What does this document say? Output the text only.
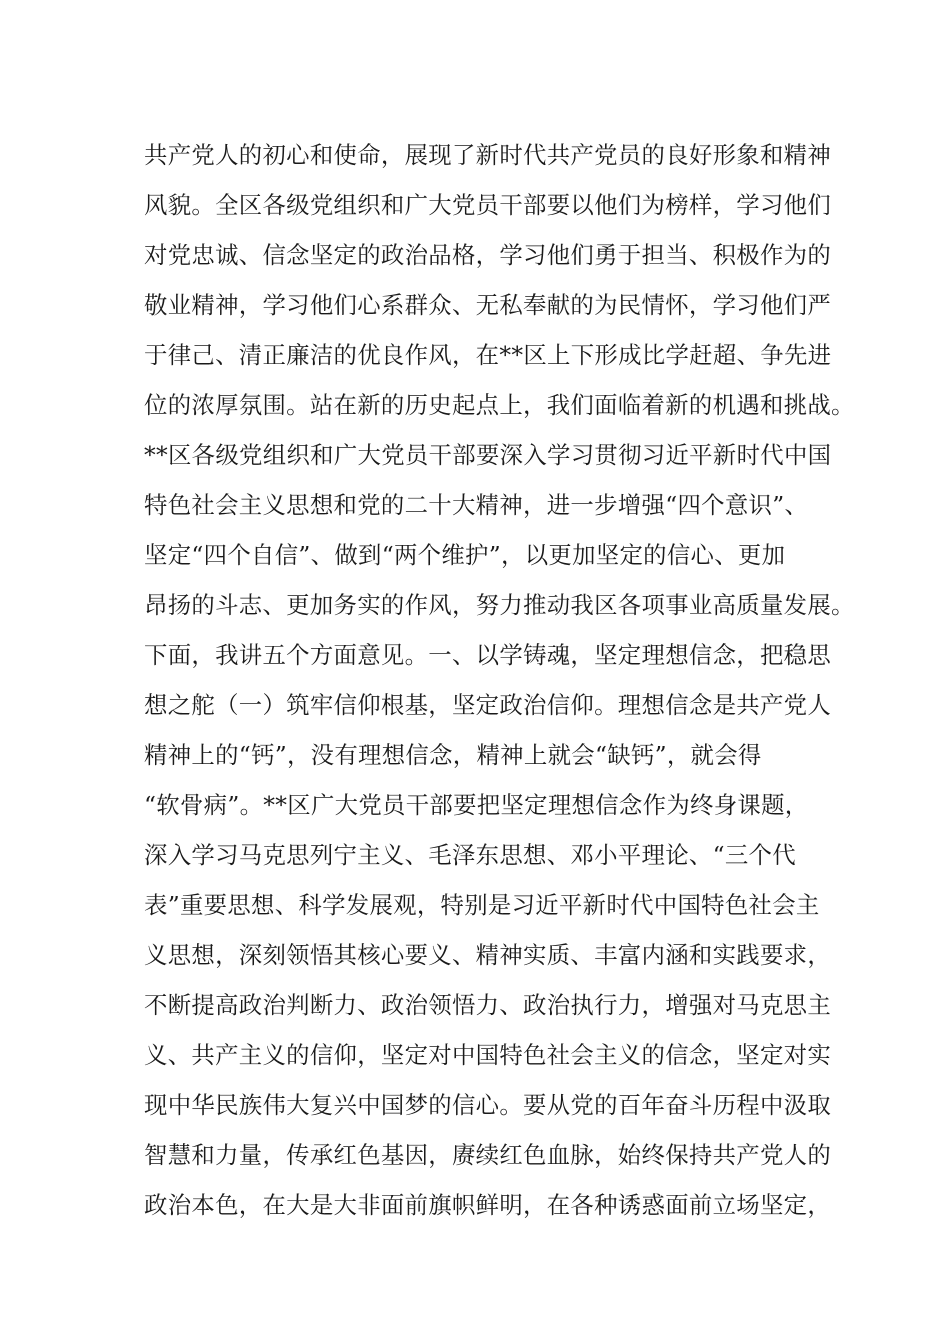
共产党人的初心和使命，展现了新时代共产党员的良好形象和精神
风貌。全区各级党组织和广大党员干部要以他们为榜样，学习他们
对党忠诚、信念坚定的政治品格，学习他们勇于担当、积极作为的
敬业精神，学习他们心系群众、无私奉献的为民情怀，学习他们严
于律己、清正廉洁的优良作风，在**区上下形成比学赶超、争先进
位的浓厚氛围。站在新的历史起点上，我们面临着新的机遇和挑战。
**区各级党组织和广大党员干部要深入学习贯彻习近平新时代中国
特色社会主义思想和党的二十大精神，进一步增强“四个意识”、
坚定“四个自信”、做到“两个维护”，以更加坚定的信心、更加
昂扬的斗志、更加务实的作风，努力推动我区各项事业高质量发展。
下面，我讲五个方面意见。一、以学铸魂，坚定理想信念，把稳思
想之舵（一）筑牢信仰根基，坚定政治信仰。理想信念是共产党人
精神上的“钙”，没有理想信念，精神上就会“缺钙”，就会得
“软骨病”。**区广大党员干部要把坚定理想信念作为终身课题，
深入学习马克思列宁主义、毛泽东思想、邓小平理论、“三个代
表”重要思想、科学发展观，特别是习近平新时代中国特色社会主
义思想，深刻领悟其核心要义、精神实质、丰富内涵和实践要求，
不断提高政治判断力、政治领悟力、政治执行力，增强对马克思主
义、共产主义的信仰，坚定对中国特色社会主义的信念，坚定对实
现中华民族伟大复兴中国梦的信心。要从党的百年奋斗历程中汲取
智慧和力量，传承红色基因，赓续红色血脉，始终保持共产党人的
政治本色，在大是大非面前旗帜鲜明，在各种诱惑面前立场坚定，
